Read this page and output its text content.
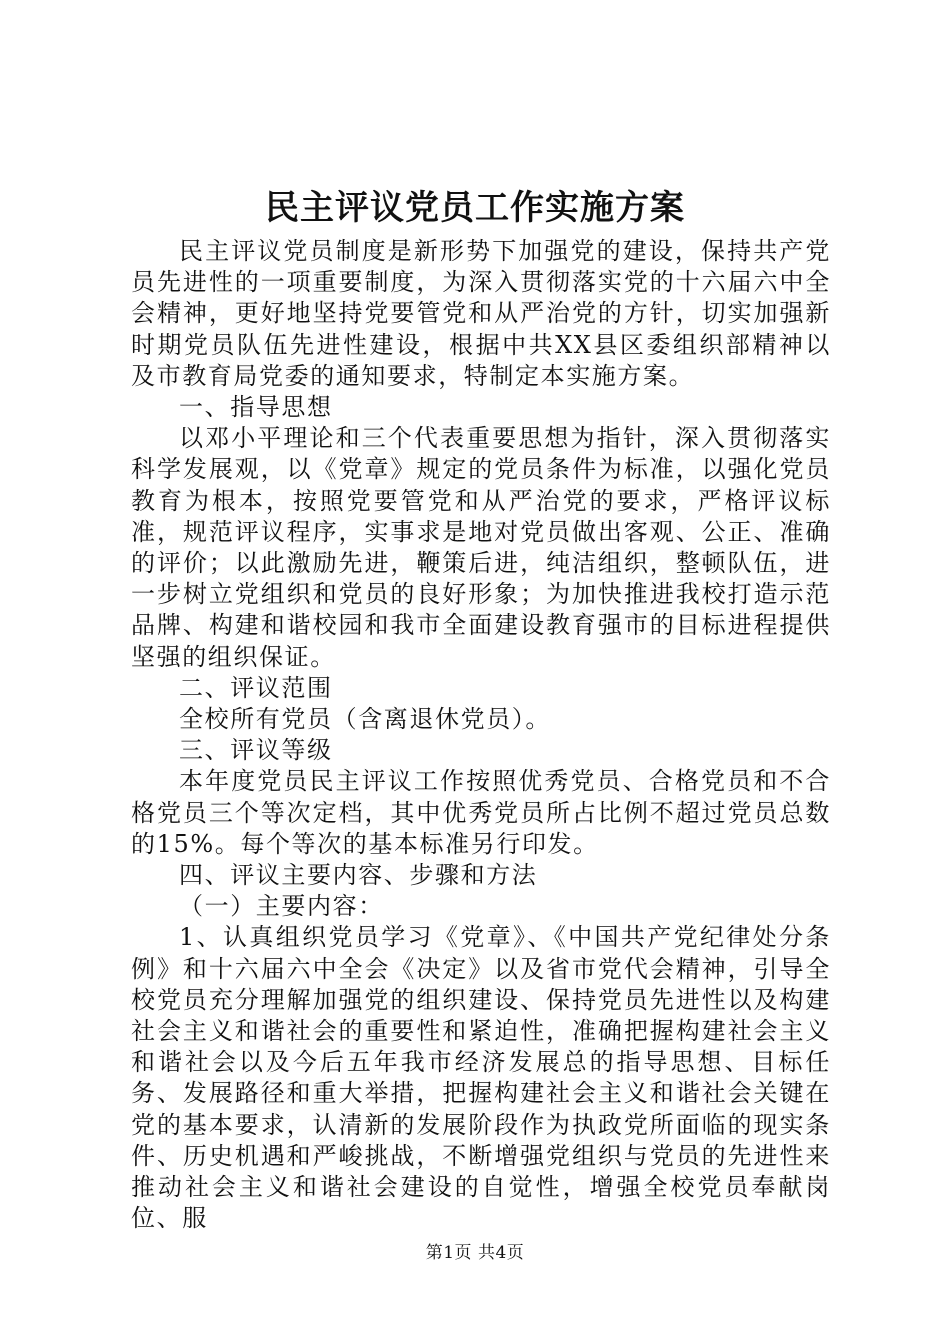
民主评议党员工作实施方案

民主评议党员制度是新形势下加强党的建设，保持共产党员先进性的一项重要制度，为深入贯彻落实党的十六届六中全会精神，更好地坚持党要管党和从严治党的方针，切实加强新时期党员队伍先进性建设，根据中共XX县区委组织部精神以及市教育局党委的通知要求，特制定本实施方案。

一、指导思想

以邓小平理论和三个代表重要思想为指针，深入贯彻落实科学发展观，以《党章》规定的党员条件为标准，以强化党员教育为根本，按照党要管党和从严治党的要求，严格评议标准，规范评议程序，实事求是地对党员做出客观、公正、准确的评价；以此激励先进，鞭策后进，纯洁组织，整顿队伍，进一步树立党组织和党员的良好形象；为加快推进我校打造示范品牌、构建和谐校园和我市全面建设教育强市的目标进程提供坚强的组织保证。

二、评议范围

全校所有党员（含离退休党员）。

三、评议等级

本年度党员民主评议工作按照优秀党员、合格党员和不合格党员三个等次定档，其中优秀党员所占比例不超过党员总数的15%。每个等次的基本标准另行印发。

四、评议主要内容、步骤和方法

（一）主要内容：

1、认真组织党员学习《党章》、《中国共产党纪律处分条例》和十六届六中全会《决定》以及省市党代会精神，引导全校党员充分理解加强党的组织建设、保持党员先进性以及构建社会主义和谐社会的重要性和紧迫性，准确把握构建社会主义和谐社会以及今后五年我市经济发展总的指导思想、目标任务、发展路径和重大举措，把握构建社会主义和谐社会关键在党的基本要求，认清新的发展阶段作为执政党所面临的现实条件、历史机遇和严峻挑战，不断增强党组织与党员的先进性来推动社会主义和谐社会建设的自觉性，增强全校党员奉献岗位、服

第1页 共4页
